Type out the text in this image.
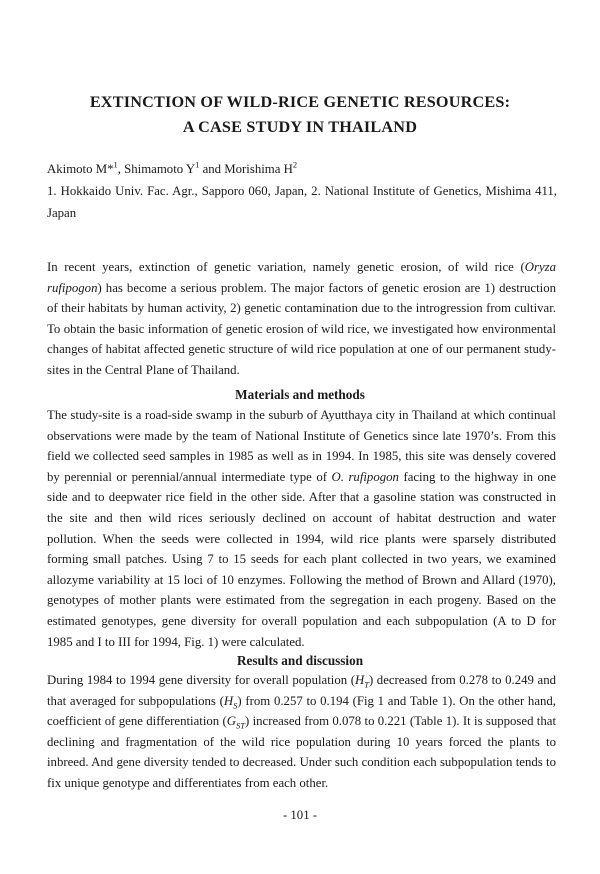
EXTINCTION OF WILD-RICE GENETIC RESOURCES:
A CASE STUDY IN THAILAND
Akimoto M*$^1$, Shimamoto $Y^1$ and Morishima $H^2$
1. Hokkaido Univ. Fac. Agr., Sapporo 060, Japan, 2. National Institute of Genetics, Mishima 411, Japan
In recent years, extinction of genetic variation, namely genetic erosion, of wild rice (Oryza rufipogon) has become a serious problem. The major factors of genetic erosion are 1) destruction of their habitats by human activity, 2) genetic contamination due to the introgression from cultivar. To obtain the basic information of genetic erosion of wild rice, we investigated how environmental changes of habitat affected genetic structure of wild rice population at one of our permanent study-sites in the Central Plane of Thailand.
Materials and methods
The study-site is a road-side swamp in the suburb of Ayutthaya city in Thailand at which continual observations were made by the team of National Institute of Genetics since late 1970’s. From this field we collected seed samples in 1985 as well as in 1994. In 1985, this site was densely covered by perennial or perennial/annual intermediate type of O. rufipogon facing to the highway in one side and to deepwater rice field in the other side. After that a gasoline station was constructed in the site and then wild rices seriously declined on account of habitat destruction and water pollution. When the seeds were collected in 1994, wild rice plants were sparsely distributed forming small patches. Using 7 to 15 seeds for each plant collected in two years, we examined allozyme variability at 15 loci of 10 enzymes. Following the method of Brown and Allard (1970), genotypes of mother plants were estimated from the segregation in each progeny. Based on the estimated genotypes, gene diversity for overall population and each subpopulation (A to D for 1985 and I to III for 1994, Fig. 1) were calculated.
Results and discussion
During 1984 to 1994 gene diversity for overall population $(H_T)$ decreased from 0.278 to 0.249 and that averaged for subpopulations $(H_S)$ from 0.257 to 0.194 (Fig 1 and Table 1). On the other hand, coefficient of gene differentiation $(G_{ST})$ increased from 0.078 to 0.221 (Table 1). It is supposed that declining and fragmentation of the wild rice population during 10 years forced the plants to inbreed. And gene diversity tended to decreased. Under such condition each subpopulation tends to fix unique genotype and differentiates from each other.
- 101 -
